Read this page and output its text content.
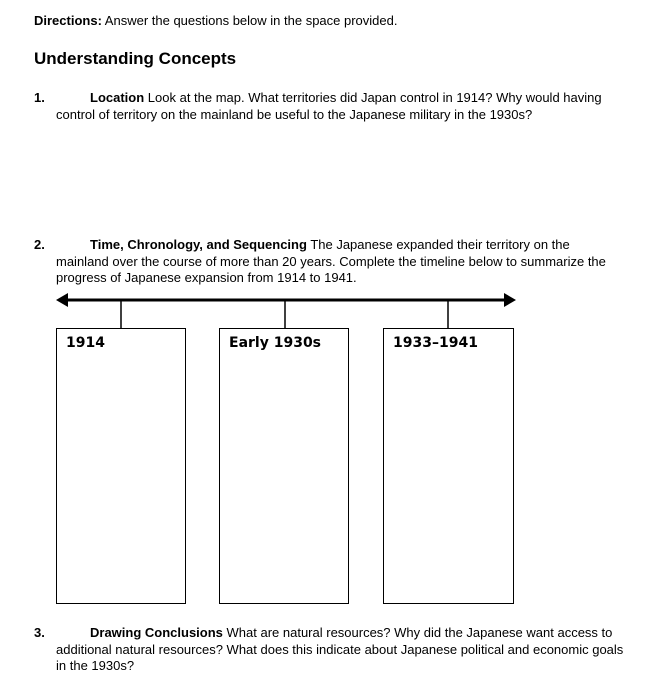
Directions: Answer the questions below in the space provided.
Understanding Concepts
1.	Location Look at the map. What territories did Japan control in 1914? Why would having control of territory on the mainland be useful to the Japanese military in the 1930s?
2.	Time, Chronology, and Sequencing The Japanese expanded their territory on the mainland over the course of more than 20 years. Complete the timeline below to summarize the progress of Japanese expansion from 1914 to 1941.
1914	Early 1930s	1933–1941
3.	Drawing Conclusions What are natural resources? Why did the Japanese want access to additional natural resources? What does this indicate about Japanese political and economic goals in the 1930s?
